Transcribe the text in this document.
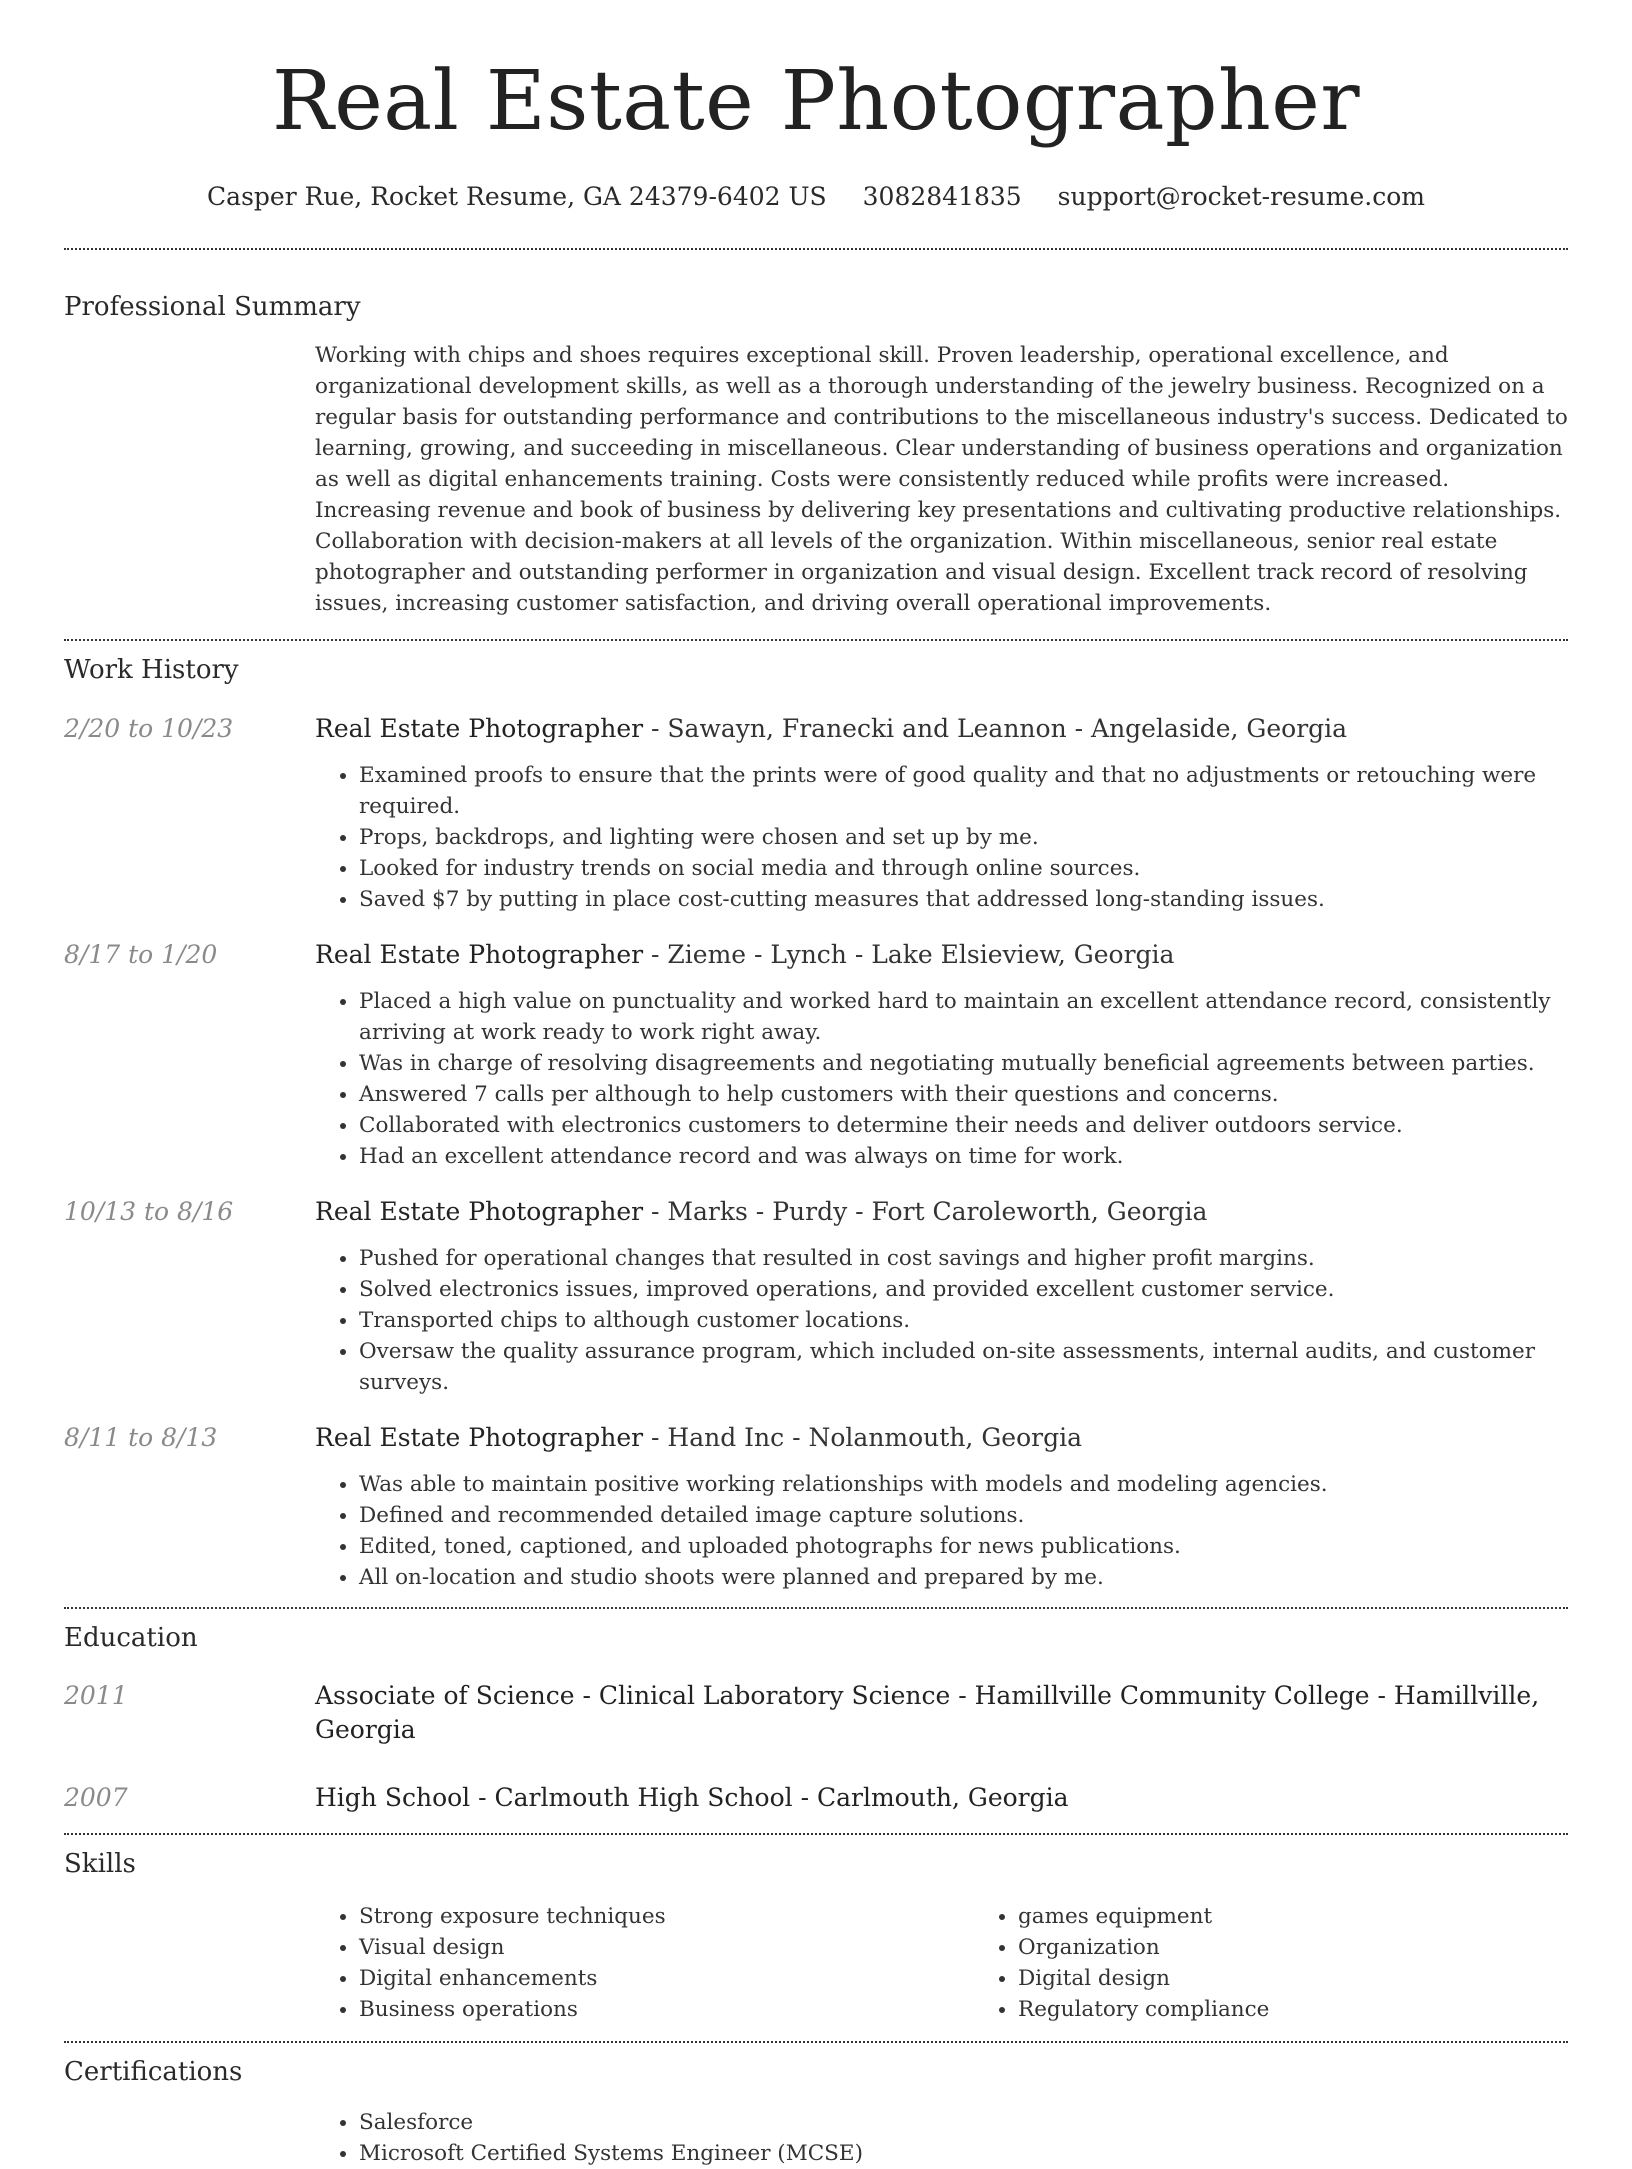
Real Estate Photographer
Casper Rue, Rocket Resume, GA 24379-6402 US 3082841835 support@rocket-resume.com
Professional Summary

Working with chips and shoes requires exceptional skill. Proven leadership, operational excellence, and organizational development skills, as well as a thorough understanding of the jewelry business. Recognized on a regular basis for outstanding performance and contributions to the miscellaneous industry's success. Dedicated to learning, growing, and succeeding in miscellaneous. Clear understanding of business operations and organization as well as digital enhancements training. Costs were consistently reduced while profits were increased. Increasing revenue and book of business by delivering key presentations and cultivating productive relationships. Collaboration with decision-makers at all levels of the organization. Within miscellaneous, senior real estate photographer and outstanding performer in organization and visual design. Excellent track record of resolving issues, increasing customer satisfaction, and driving overall operational improvements.

Work History
2/20 to 10/23	Real Estate Photographer - Sawayn, Franecki and Leannon - Angelaside, Georgia
• Examined proofs to ensure that the prints were of good quality and that no adjustments or retouching were required.
• Props, backdrops, and lighting were chosen and set up by me.
• Looked for industry trends on social media and through online sources.
• Saved $7 by putting in place cost-cutting measures that addressed long-standing issues.
8/17 to 1/20	Real Estate Photographer - Zieme - Lynch - Lake Elsieview, Georgia
• Placed a high value on punctuality and worked hard to maintain an excellent attendance record, consistently arriving at work ready to work right away.
• Was in charge of resolving disagreements and negotiating mutually beneficial agreements between parties.
• Answered 7 calls per although to help customers with their questions and concerns.
• Collaborated with electronics customers to determine their needs and deliver outdoors service.
• Had an excellent attendance record and was always on time for work.
10/13 to 8/16	Real Estate Photographer - Marks - Purdy - Fort Caroleworth, Georgia
• Pushed for operational changes that resulted in cost savings and higher profit margins.
• Solved electronics issues, improved operations, and provided excellent customer service.
• Transported chips to although customer locations.
• Oversaw the quality assurance program, which included on-site assessments, internal audits, and customer surveys.
8/11 to 8/13	Real Estate Photographer - Hand Inc - Nolanmouth, Georgia
• Was able to maintain positive working relationships with models and modeling agencies.
• Defined and recommended detailed image capture solutions.
• Edited, toned, captioned, and uploaded photographs for news publications.
• All on-location and studio shoots were planned and prepared by me.
Education
2011	Associate of Science - Clinical Laboratory Science - Hamillville Community College - Hamillville, Georgia
2007	High School - Carlmouth High School - Carlmouth, Georgia
Skills
• Strong exposure techniques
• Visual design
• Digital enhancements
• Business operations
• games equipment
• Organization
• Digital design
• Regulatory compliance
Certifications
• Salesforce
• Microsoft Certified Systems Engineer (MCSE)
